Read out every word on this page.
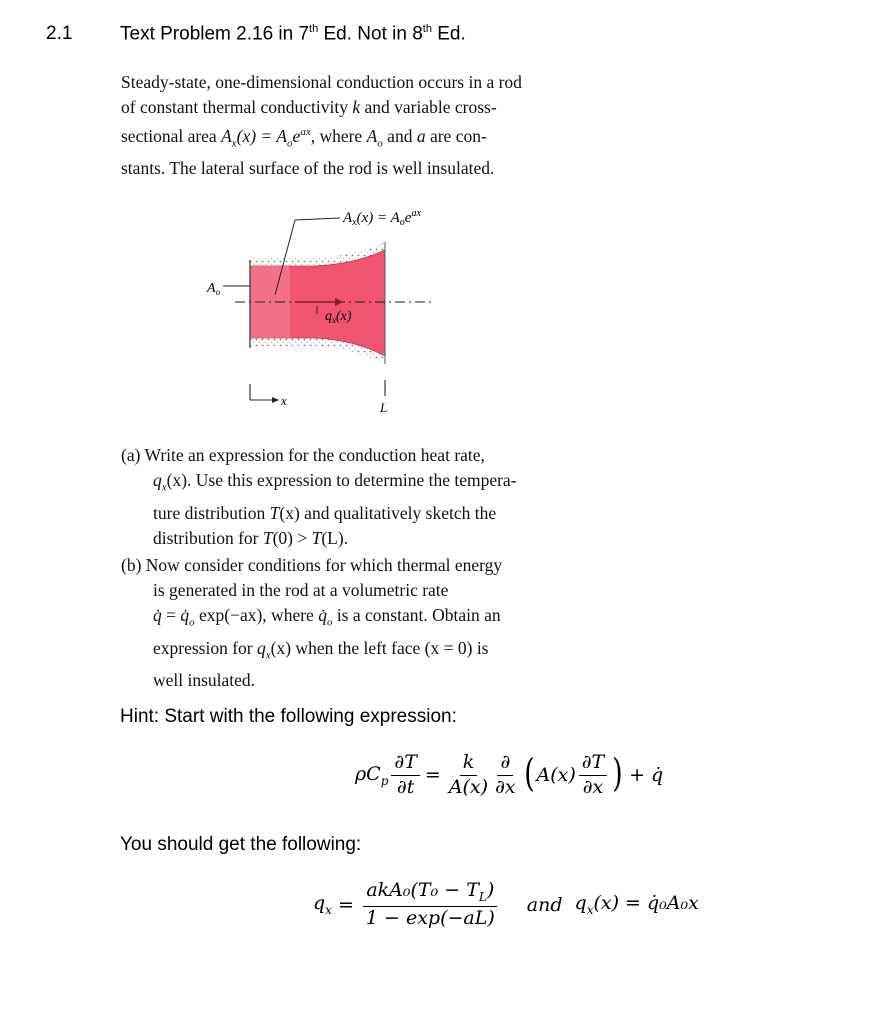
2.1	Text Problem 2.16 in 7th Ed. Not in 8th Ed.
Steady-state, one-dimensional conduction occurs in a rod
of constant thermal conductivity k and variable cross-
sectional area $A_x(x) = A_oe^{ax}$, where $A_o$ and a are con-
stants. The lateral surface of the rod is well insulated.
$A_x(x) = A_oe^{ax}$
$A_o$
$q_x(x)$
x	L
(a) Write an expression for the conduction heat rate,
$q_x(x)$. Use this expression to determine the tempera-
ture distribution T(x) and qualitatively sketch the
distribution for T(0) > T(L).
(b) Now consider conditions for which thermal energy
is generated in the rod at a volumetric rate
q̇ = $q̇_o$ exp(−ax), where $q̇_o$ is a constant. Obtain an
expression for $q_x(x)$ when the left face (x = 0) is
well insulated.
Hint: Start with the following expression:
$\rho C_p \frac{\partial T}{\partial t} = \frac{k}{A(x)} \frac{\partial}{\partial x}$ ( $A(x) \frac{\partial T}{\partial x}$ ) + q̇
You should get the following:
$q_x = \frac{akA_0(T_0 - T_L)}{1 - \exp(-aL)}$ and $q_x(x)$ = q̇₀A₀x
